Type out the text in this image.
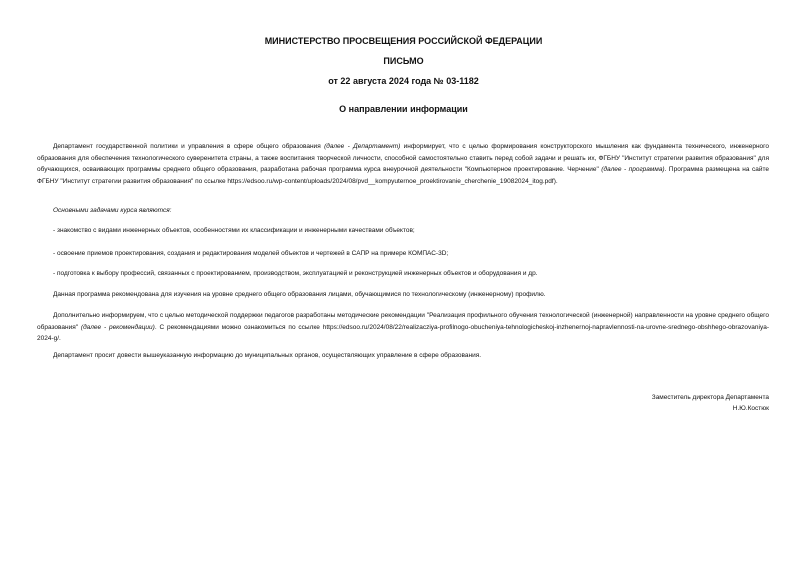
МИНИСТЕРСТВО ПРОСВЕЩЕНИЯ РОССИЙСКОЙ ФЕДЕРАЦИИ
ПИСЬМО
от 22 августа 2024 года № 03-1182
О направлении информации

Департамент государственной политики и управления в сфере общего образования (далее - Департамент) информирует, что с целью формирования конструкторского мышления как фундамента технического, инженерного образования для обеспечения технологического суверенитета страны, а также воспитания творческой личности, способной самостоятельно ставить перед собой задачи и решать их, ФГБНУ "Институт стратегии развития образования" для обучающихся, осваивающих программы среднего общего образования, разработана рабочая программа курса внеурочной деятельности "Компьютерное проектирование. Черчение" (далее - программа). Программа размещена на сайте ФГБНУ "Институт стратегии развития образования" по ссылке https://edsoo.ru/wp-content/uploads/2024/08/pvd__kompyuternoe_proektirovanie_cherchenie_19082024_itog.pdf).

Основными задачами курса являются:

- знакомство с видами инженерных объектов, особенностями их классификации и инженерными качествами объектов;

- освоение приемов проектирования, создания и редактирования моделей объектов и чертежей в САПР на примере КОМПАС-3D;

- подготовка к выбору профессий, связанных с проектированием, производством, эксплуатацией и реконструкцией инженерных объектов и оборудования и др.

Данная программа рекомендована для изучения на уровне среднего общего образования лицами, обучающимися по технологическому (инженерному) профилю.

Дополнительно информируем, что с целью методической поддержки педагогов разработаны методические рекомендации "Реализация профильного обучения технологической (инженерной) направленности на уровне среднего общего образования" (далее - рекомендации). С рекомендациями можно ознакомиться по ссылке https://edsoo.ru/2024/08/22/realizacziya-profilnogo-obucheniya-tehnologicheskoj-inzhenernoj-napravlennosti-na-urovne-srednego-obshhego-obrazovaniya-2024-g/.

Департамент просит довести вышеуказанную информацию до муниципальных органов, осуществляющих управление в сфере образования.

Заместитель директора Департамента
Н.Ю.Костюк
